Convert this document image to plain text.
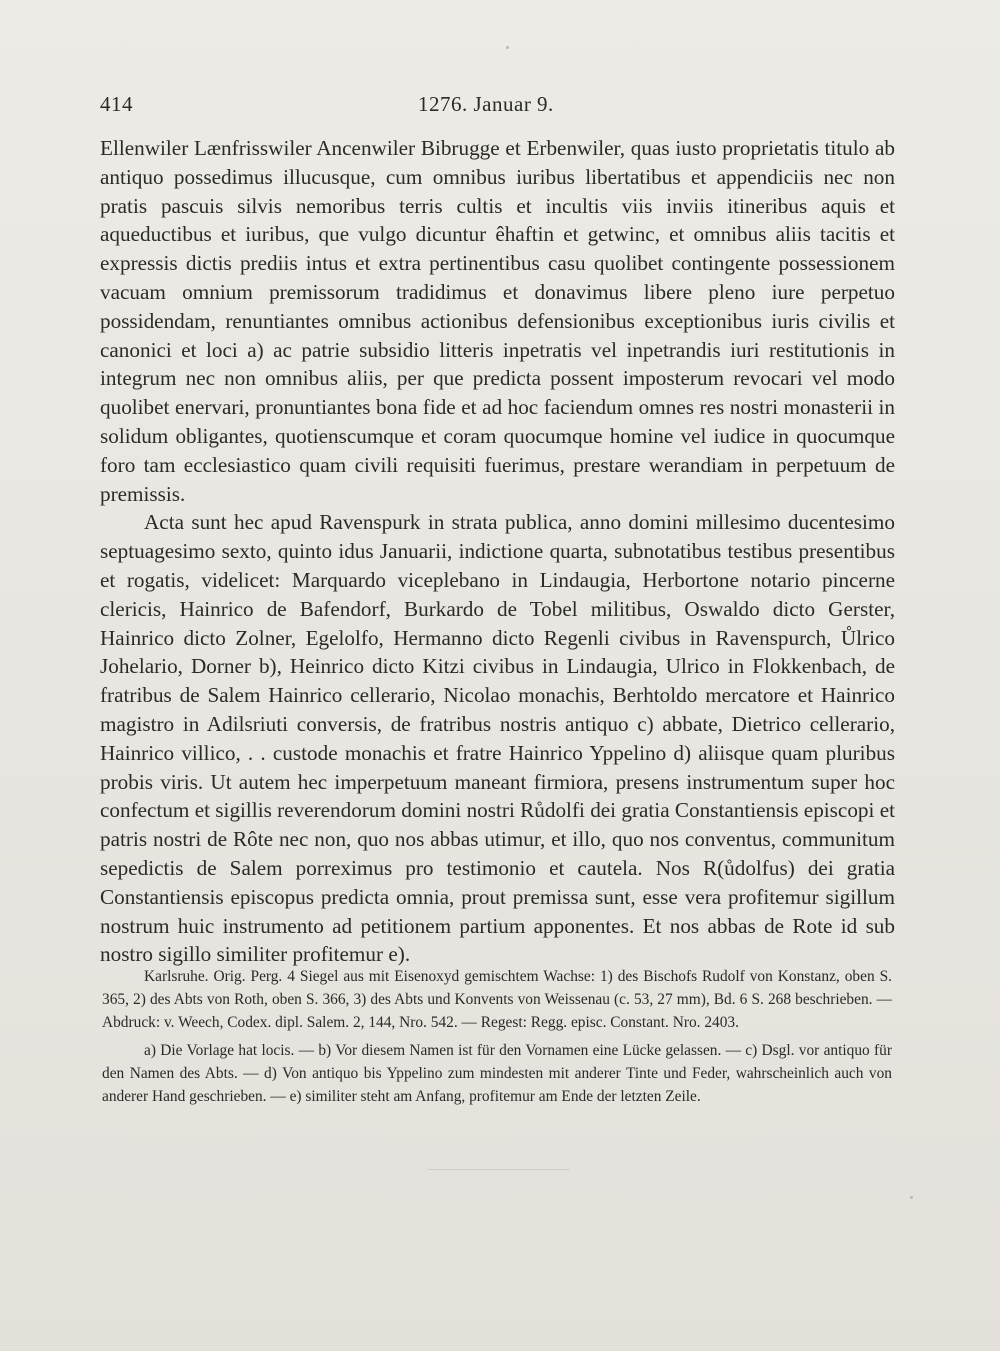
414	1276. Januar 9.

Ellenwiler Lænfrisswiler Ancenwiler Bibrugge et Erbenwiler, quas iusto proprietatis titulo ab antiquo possedimus illucusque, cum omnibus iuribus libertatibus et appendiciis nec non pratis pascuis silvis nemoribus terris cultis et incultis viis inviis itineribus aquis et aqueductibus et iuribus, que vulgo dicuntur êhaftin et getwinc, et omnibus aliis tacitis et expressis dictis prediis intus et extra pertinentibus casu quolibet contingente possessionem vacuam omnium premissorum tradidimus et donavimus libere pleno iure perpetuo possidendam, renuntiantes omnibus actionibus defensionibus exceptionibus iuris civilis et canonici et loci a) ac patrie subsidio litteris inpetratis vel inpetrandis iuri restitutionis in integrum nec non omnibus aliis, per que predicta possent imposterum revocari vel modo quolibet enervari, pronuntiantes bona fide et ad hoc faciendum omnes res nostri monasterii in solidum obligantes, quotienscumque et coram quocumque homine vel iudice in quocumque foro tam ecclesiastico quam civili requisiti fuerimus, prestare werandiam in perpetuum de premissis.

Acta sunt hec apud Ravenspurk in strata publica, anno domini millesimo ducentesimo septuagesimo sexto, quinto idus Januarii, indictione quarta, subnotatibus testibus presentibus et rogatis, videlicet: Marquardo viceplebano in Lindaugia, Herbortone notario pincerne clericis, Hainrico de Bafendorf, Burkardo de Tobel militibus, Oswaldo dicto Gerster, Hainrico dicto Zolner, Egelolfo, Hermanno dicto Regenli civibus in Ravenspurch, Ůlrico Johelario, Dorner b), Heinrico dicto Kitzi civibus in Lindaugia, Ulrico in Flokkenbach, de fratribus de Salem Hainrico cellerario, Nicolao monachis, Berhtoldo mercatore et Hainrico magistro in Adilsriuti conversis, de fratribus nostris antiquo c) abbate, Dietrico cellerario, Hainrico villico, . . custode monachis et fratre Hainrico Yppelino d) aliisque quam pluribus probis viris. Ut autem hec imperpetuum maneant firmiora, presens instrumentum super hoc confectum et sigillis reverendorum domini nostri Růdolfi dei gratia Constantiensis episcopi et patris nostri de Rôte nec non, quo nos abbas utimur, et illo, quo nos conventus, communitum sepedictis de Salem porreximus pro testimonio et cautela. Nos R(ůdolfus) dei gratia Constantiensis episcopus predicta omnia, prout premissa sunt, esse vera profitemur sigillum nostrum huic instrumento ad petitionem partium apponentes. Et nos abbas de Rote id sub nostro sigillo similiter profitemur e).

Karlsruhe. Orig. Perg. 4 Siegel aus mit Eisenoxyd gemischtem Wachse: 1) des Bischofs Rudolf von Konstanz, oben S. 365, 2) des Abts von Roth, oben S. 366, 3) des Abts und Konvents von Weissenau (c. 53, 27 mm), Bd. 6 S. 268 beschrieben. — Abdruck: v. Weech, Codex. dipl. Salem. 2, 144, Nro. 542. — Regest: Regg. episc. Constant. Nro. 2403.

a) Die Vorlage hat locis. — b) Vor diesem Namen ist für den Vornamen eine Lücke gelassen. — c) Dsgl. vor antiquo für den Namen des Abts. — d) Von antiquo bis Yppelino zum mindesten mit anderer Tinte und Feder, wahrscheinlich auch von anderer Hand geschrieben. — e) similiter steht am Anfang, profitemur am Ende der letzten Zeile.
